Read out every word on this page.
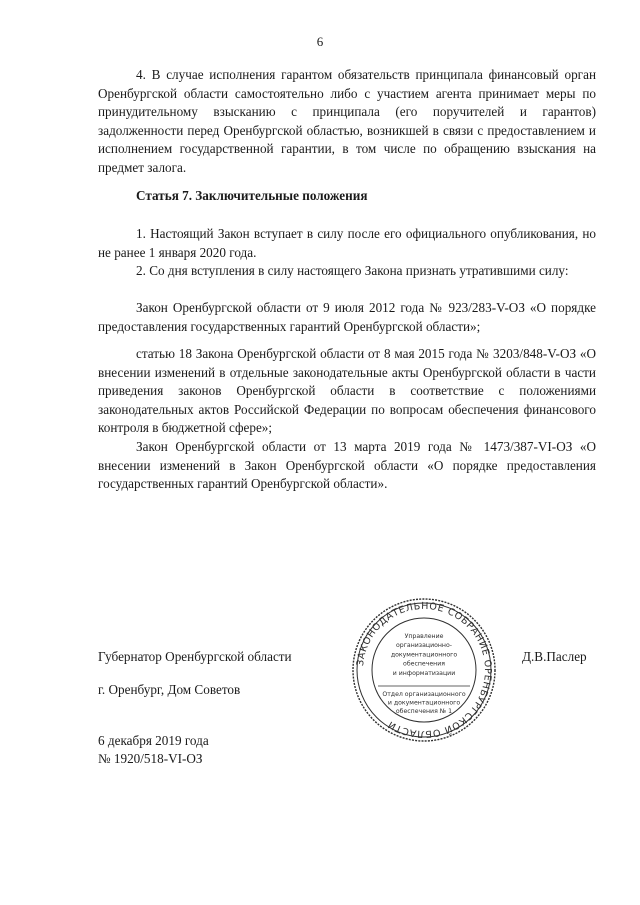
6

4. В случае исполнения гарантом обязательств принципала финансовый орган Оренбургской области самостоятельно либо с участием агента принимает меры по принудительному взысканию с принципала (его поручителей и гарантов) задолженности перед Оренбургской областью, возникшей в связи с предоставлением и исполнением государственной гарантии, в том числе по обращению взыскания на предмет залога.

Статья 7. Заключительные положения

1. Настоящий Закон вступает в силу после его официального опубликования, но не ранее 1 января 2020 года.

2. Со дня вступления в силу настоящего Закона признать утратившими силу:

Закон Оренбургской области от 9 июля 2012 года № 923/283-V-ОЗ «О порядке предоставления государственных гарантий Оренбургской области»;

статью 18 Закона Оренбургской области от 8 мая 2015 года № 3203/848-V-ОЗ «О внесении изменений в отдельные законодательные акты Оренбургской области в части приведения законов Оренбургской области в соответствие с положениями законодательных актов Российской Федерации по вопросам обеспечения финансового контроля в бюджетной сфере»;

Закон Оренбургской области от 13 марта 2019 года № 1473/387-VI-ОЗ «О внесении изменений в Закон Оренбургской области «О порядке предоставления государственных гарантий Оренбургской области».

Губернатор Оренбургской области	Д.В.Паслер
г. Оренбург, Дом Советов
6 декабря 2019 года
№ 1920/518-VI-ОЗ
ЗАКОНОДАТЕЛЬНОЕ СОБРАНИЕ ОРЕНБУРГСКОЙ ОБЛАСТИ
Управление
организационно-
документационного
обеспечения
и информатизации
Отдел организационного
и документационного
обеспечения № 1
